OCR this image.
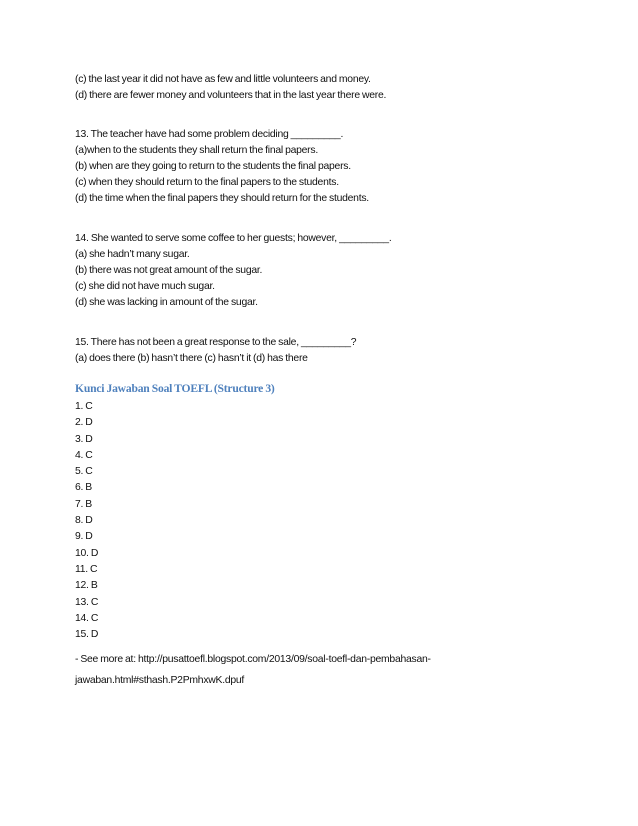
(c) the last year it did not have as few and little volunteers and money.
(d) there are fewer money and volunteers that in the last year there were.
13. The teacher have had some problem deciding _________.
(a)when to the students they shall return the final papers.
(b) when are they going to return to the students the final papers.
(c) when they should return to the final papers to the students.
(d) the time when the final papers they should return for the students.
14. She wanted to serve some coffee to her guests; however, _________.
(a) she hadn’t many sugar.
(b) there was not great amount of the sugar.
(c) she did not have much sugar.
(d) she was lacking in amount of the sugar.
15. There has not been a great response to the sale, _________?
(a) does there (b) hasn’t there (c) hasn’t it (d) has there
Kunci Jawaban Soal TOEFL (Structure 3)
1. C
2. D
3. D
4. C
5. C
6. B
7. B
8. D
9. D
10. D
11. C
12. B
13. C
14. C
15. D
- See more at: http://pusattoefl.blogspot.com/2013/09/soal-toefl-dan-pembahasan-
jawaban.html#sthash.P2PmhxwK.dpuf
